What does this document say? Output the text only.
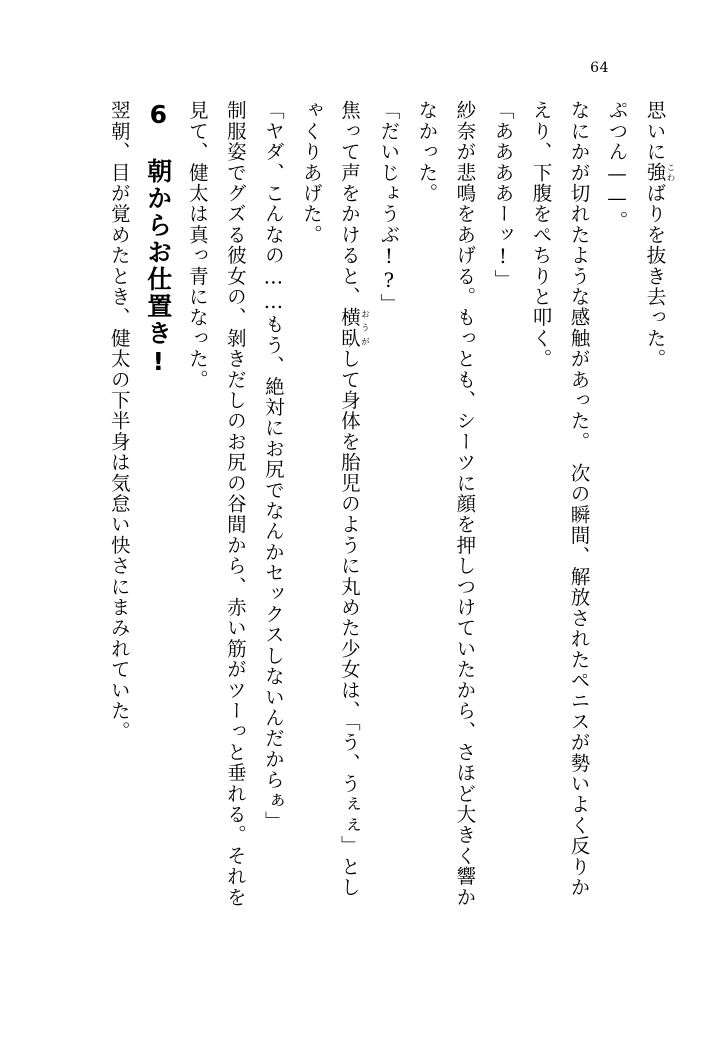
64

思いに強こわばりを抜き去った。

ぷつん——。

なにかが切れたような感触があった。　次の瞬間、解放されたペニスが勢いよく反りかえり、下腹をぺちりと叩く。

「ああああーッ!」

紗奈が悲鳴をあげる。もっとも、シーツに顔を押しつけていたから、さほど大きく響かなかった。

「だいじょうぶ!?」

焦って声をかけると、横臥おうがして身体を胎児のように丸めた少女は、「う、うぇぇ」としゃくりあげた。

「ヤダ、こんなの……もう、絶対にお尻でなんかセックスしないんだからぁ」

制服姿でグズる彼女の、剝きだしのお尻の谷間から、赤い筋がツーっと垂れる。それを見て、健太は真っ青になった。

6　朝からお仕置き!

翌朝、目が覚めたとき、健太の下半身は気怠い快さにまみれていた。
